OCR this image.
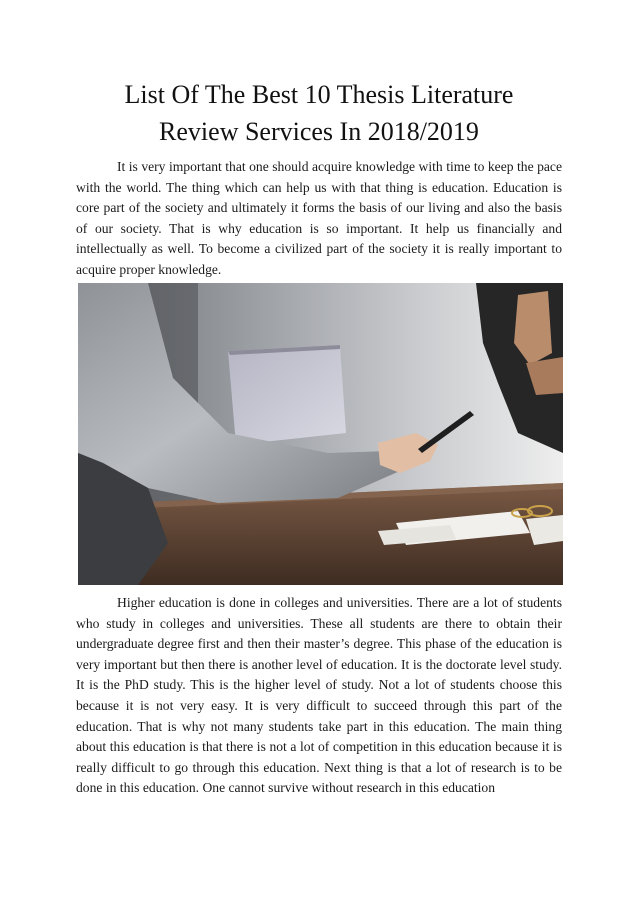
List Of The Best 10 Thesis Literature
Review Services In 2018/2019

It is very important that one should acquire knowledge with time to keep the pace with the world. The thing which can help us with that thing is education. Education is core part of the society and ultimately it forms the basis of our living and also the basis of our society. That is why education is so important. It help us financially and intellectually as well. To become a civilized part of the society it is really important to acquire proper knowledge.

Higher education is done in colleges and universities. There are a lot of students who study in colleges and universities. These all students are there to obtain their undergraduate degree first and then their master’s degree. This phase of the education is very important but then there is another level of education. It is the doctorate level study. It is the PhD study. This is the higher level of study. Not a lot of students choose this because it is not very easy. It is very difficult to succeed through this part of the education. That is why not many students take part in this education. The main thing about this education is that there is not a lot of competition in this education because it is really difficult to go through this education. Next thing is that a lot of research is to be done in this education. One cannot survive without research in this education
